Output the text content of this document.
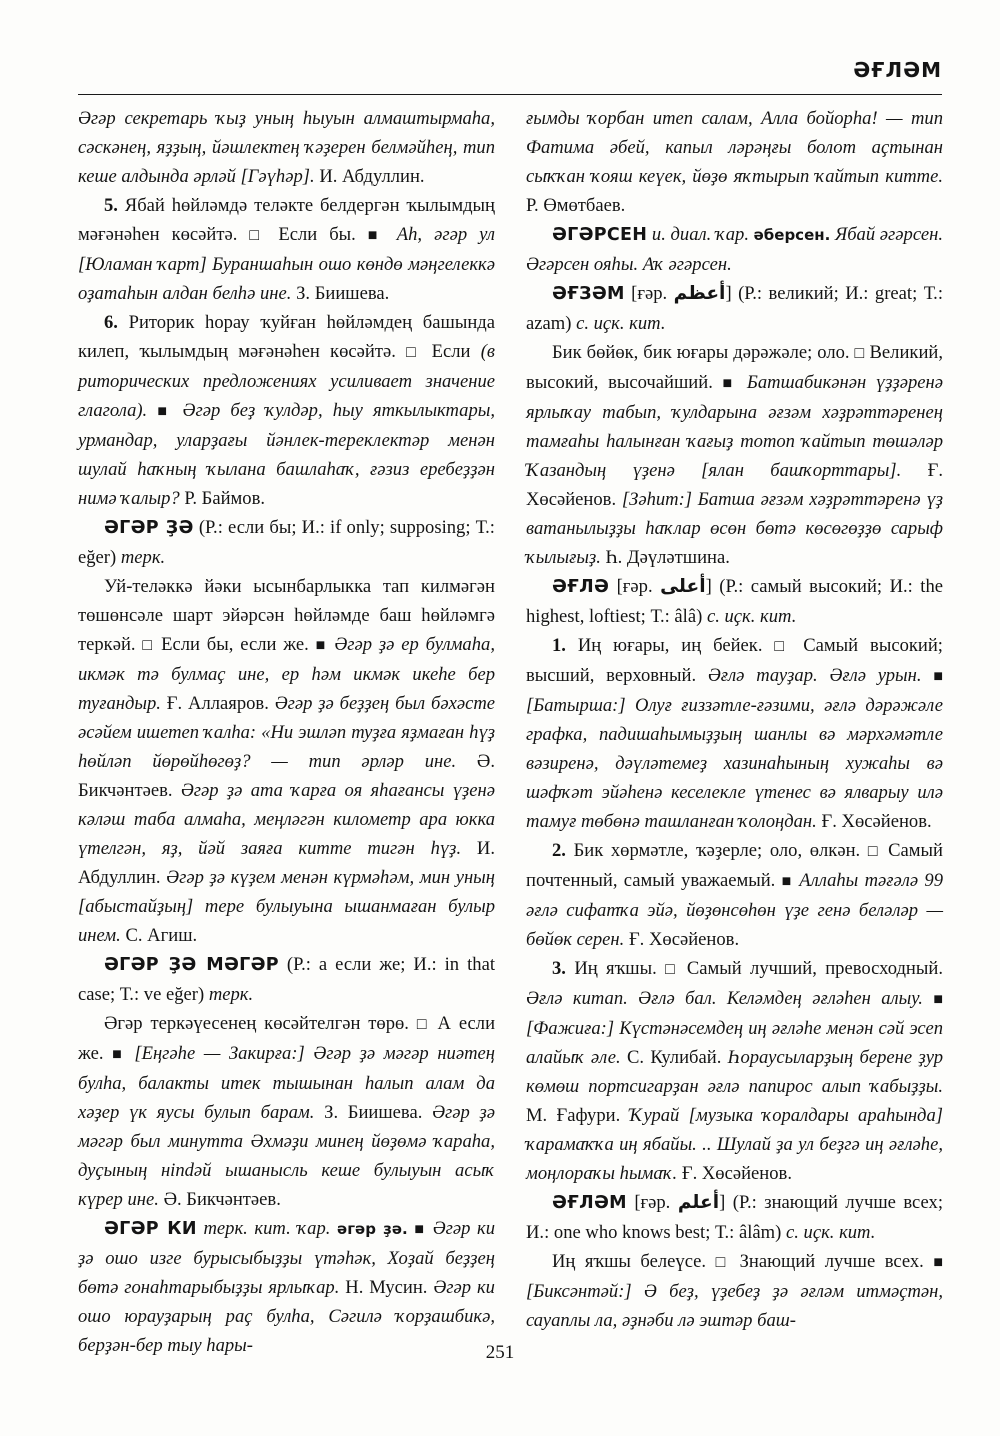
ӘҒЛӘМ

Әгәр секретарь ҡыҙ уның һыуын алмаштырмаһа, сәскәнең, яҙҙың, йәшлектең ҡәҙерен белмәйһең, тип кеше алдында әрләй [Гәүһәр]. И. Абдуллин.

5. Ябай һөйләмдә теләкте белдергән ҡылымдың мәғәнәһен көсәйтә. □ Если бы. ■ Аһ, әгәр ул [Юламан ҡарт] Бураншаһын ошо көндө мәңгелеккә оҙатаһын алдан белһә ине. З. Биишева.

6. Риторик һорау ҡуйған һөйләмдең башында килеп, ҡылымдың мәғәнәһен көсәйтә. □ Если (в риторических предложениях усиливает значение глагола). ■ Әгәр беҙ ҡулдәр, һыу яткылыктары, урмандар, уларҙағы йәнлек-тереклектәр менән шулай һаҡның ҡылана башлаһаҡ, ғәзиз еребеҙҙән нимә ҡалыр? Р. Баймов.

ӘГӘР ҘӘ (Р.: если бы; И.: if only; supposing; Т.: eğer) терк.

Уй-теләккә йәки ысынбарлыкка тап килмәгән төшөнсәле шарт эйәрсән һөйләмде баш һөйләмгә теркәй. □ Если бы, если же. ■ Әгәр ҙә ер булмаһа, икмәк тә булмаҫ ине, ер һәм икмәк икеһе бер туғандыр. Ғ. Аллаяров. Әгәр ҙә беҙҙең был бәхәсте әсәйем ишетеп ҡалһа: «Ни эшләп туҙға яҙмаған һүҙ һөйләп йөрөйһөгөҙ? — тип әрләр ине. Ә. Бикчәнтәев. Әгәр ҙә ата ҡарға оя яһағансы үҙенә кәләш таба алмаһа, меңләгән километр ара юкка үтелгән, яҙ, йәй заяға китте тигән һүҙ. И. Абдуллин. Әгәр ҙә күҙем менән күрмәһәм, мин уның [абыстайҙың] тере булыуына ышанмаған булыр инем. С. Агиш.

ӘГӘР ҘӘ МӘГӘР (Р.: а если же; И.: in that case; Т.: ve eğer) терк.

Әгәр теркәүесенең көсәйтелгән төрө. □ А если же. ■ [Еңгәһе — Закирға:] Әгәр ҙә мәгәр ниәтең булһа, балакты итек тышынан һалып алам да хәҙер үк яусы булып барам. З. Биишева. Әгәр ҙә мәгәр был минутта Әхмәҙи минең йөҙөмә ҡараһа, дуҫының нindәй ышанысль кеше булыуын асыҡ күрер ине. Ә. Бикчәнтәев.

ӘГӘР КИ терк. кит. ҡар. әгәр ҙә. ■ Әгәр ки ҙә ошо изге бурысыбыҙҙы үтәһәк, Хоҙай беҙҙең бөтә гонаһтарыбыҙҙы ярлыҡар. Н. Мусин. Әгәр ки ошо юрауҙарың раҫ булһа, Сәгилә ҡорҙашбикә, берҙән-бер тыу һары-

ғымды ҡорбан итеп салам, Алла бойорһа! — тип Фатима әбей, капыл ләрәңғы болот аҫтынан сыҡҡан ҡояш кеүек, йөҙө яҡтырып ҡайтып китте. Р. Өмөтбаев.

ӘГӘРСЕН и. диал. ҡар. әберсен. Ябай әгәрсен. Әгәрсен ояһы. Аҡ әгәрсен.

ӘҒЗӘМ [ғәр. أعظم] (Р.: великий; И.: great; Т.: azam) с. иҫк. кит.

Бик бөйөк, бик юғары дәрәжәле; оло. □ Великий, высокий, высочайший. ■ Батшабикәнән үҙҙәренә ярлыҡау табып, ҡулдарына әғзәм хәҙрәттәренең тамғаһы һалынған ҡағыҙ тотоп ҡайтып төшәләр Ҡазандың үҙенә [ялан башҡорттары]. Ғ. Хөсәйенов. [Зәһит:] Батша әғзәм хәҙрәттәренә үҙ ватанылыҙҙы һаҡлар өсөн бөтә көсөгөҙҙө сарыф ҡылығыҙ. Һ. Дәүләтшина.

ӘҒЛӘ [ғәр. أعلى] (Р.: самый высокий; И.: the highest, loftiest; Т.: âlâ) с. иҫк. кит.

1. Иң юғары, иң бейек. □ Самый высокий; высший, верховный. Әғлә тауҙар. Әғлә урын. ■ [Батырша:] Олуғ ғиззәтле-ғәзими, әғлә дәрәжәле графка, падишаһымыҙҙың шанлы вә мәрхәмәтле вәзиренә, дәүләтемеҙ хазинаһының хужаһы вә шәфҡәт эйәһенә кеселекле үтенес вә ялварыу илә тамуғ төбөнә ташланған ҡолоңдан. Ғ. Хөсәйенов.

2. Бик хөрмәтле, ҡәҙерле; оло, өлкән. □ Самый почтенный, самый уважаемый. ■ Аллаһы тәғәлә 99 әғлә сифатҡа эйә, йөҙөнсөһөн үҙе генә беләләр — бөйөк серен. Ғ. Хөсәйенов.

3. Иң яҡшы. □ Самый лучший, превосходный. Әғлә китап. Әғлә бал. Келәмдең әғләһен алыу. ■ [Фажиға:] Күстәнәсемдең иң әғләһе менән сәй эсеп алайыҡ әле. С. Кулибай. Һораусыларҙың берене ҙур көмөш портсигарҙан әғлә папирос алып ҡабыҙҙы. М. Ғафури. Ҡурай [музыка ҡоралдары араһында] ҡарамаҡҡа иң ябайы. .. Шулай ҙа ул беҙгә иң әғләһе, моңлораҡы һымаҡ. Ғ. Хөсәйенов.

ӘҒЛӘМ [ғәр. أعلم] (Р.: знающий лучше всех; И.: one who knows best; Т.: âlâm) с. иҫк. кит.

Иң яҡшы белеүсе. □ Знающий лучше всех. ■ [Биксәнтәй:] Ә беҙ, үҙебеҙ ҙә әғләм итмәҫтән, сауаплы ла, әҙнәби лә эштәр баш-

251
